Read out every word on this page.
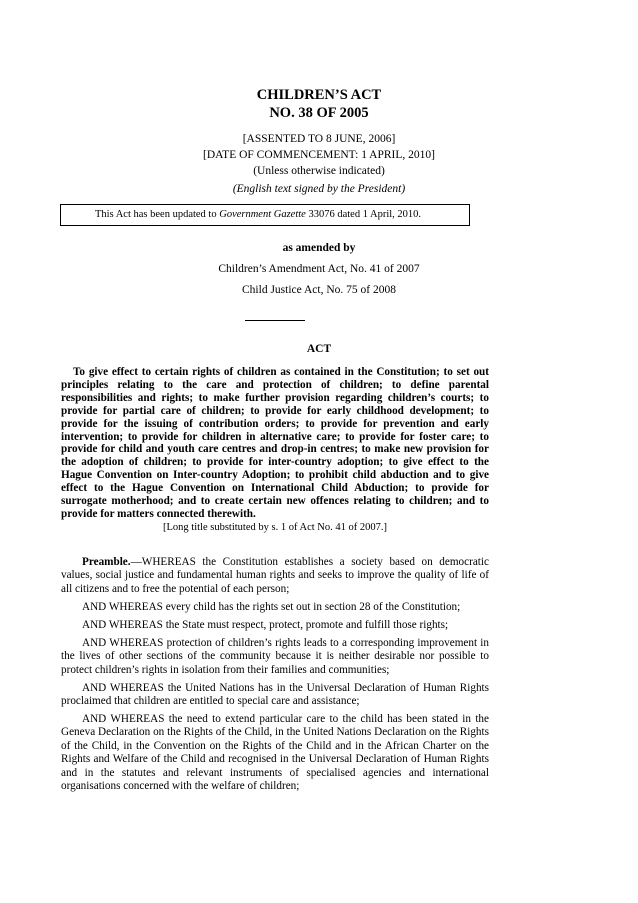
CHILDREN’S ACT
NO. 38 OF 2005
[ASSENTED TO 8 JUNE, 2006]
[DATE OF COMMENCEMENT: 1 APRIL, 2010]
(Unless otherwise indicated)
(English text signed by the President)
This Act has been updated to Government Gazette 33076 dated 1 April, 2010.
as amended by
Children’s Amendment Act, No. 41 of 2007
Child Justice Act, No. 75 of 2008
ACT
To give effect to certain rights of children as contained in the Constitution; to set out principles relating to the care and protection of children; to define parental responsibilities and rights; to make further provision regarding children’s courts; to provide for partial care of children; to provide for early childhood development; to provide for the issuing of contribution orders; to provide for prevention and early intervention; to provide for children in alternative care; to provide for foster care; to provide for child and youth care centres and drop-in centres; to make new provision for the adoption of children; to provide for inter-country adoption; to give effect to the Hague Convention on Inter-country Adoption; to prohibit child abduction and to give effect to the Hague Convention on International Child Abduction; to provide for surrogate motherhood; and to create certain new offences relating to children; and to provide for matters connected therewith.
[Long title substituted by s. 1 of Act No. 41 of 2007.]

Preamble.—WHEREAS the Constitution establishes a society based on democratic values, social justice and fundamental human rights and seeks to improve the quality of life of all citizens and to free the potential of each person;

AND WHEREAS every child has the rights set out in section 28 of the Constitution;

AND WHEREAS the State must respect, protect, promote and fulfill those rights;

AND WHEREAS protection of children’s rights leads to a corresponding improvement in the lives of other sections of the community because it is neither desirable nor possible to protect children’s rights in isolation from their families and communities;

AND WHEREAS the United Nations has in the Universal Declaration of Human Rights proclaimed that children are entitled to special care and assistance;

AND WHEREAS the need to extend particular care to the child has been stated in the Geneva Declaration on the Rights of the Child, in the United Nations Declaration on the Rights of the Child, in the Convention on the Rights of the Child and in the African Charter on the Rights and Welfare of the Child and recognised in the Universal Declaration of Human Rights and in the statutes and relevant instruments of specialised agencies and international organisations concerned with the welfare of children;
